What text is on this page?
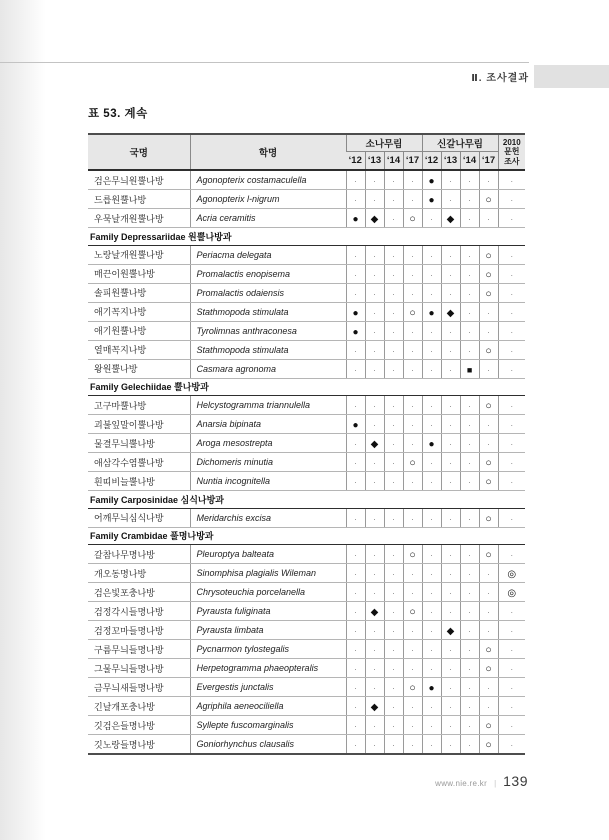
Ⅱ. 조사결과
표 53. 계속
국명	학명	소나무림				신갈나무림				2010
문헌
조사
		‘12	‘13	‘14	‘17	‘12	‘13	‘14	‘17	
검은무늬원뿔나방	Agonopterix costamaculella	·	·	·	·	●	·	·	·	·
드릅원뿔나방	Agonopterix l-nigrum	·	·	·	·	●	·	·	○	·
우묵날개원뿔나방	Acria ceramitis	●	◆	·	○	·	◆	·	·	·
Family Depressariidae 원뿔나방과										
노랑날개원뿔나방	Periacma delegata	·	·	·	·	·	·	·	○	·
매끈이원뿔나방	Promalactis enopisema	·	·	·	·	·	·	·	○	·
솔피원뿔나방	Promalactis odaiensis	·	·	·	·	·	·	·	○	·
애기꼭지나방	Stathmopoda stimulata	●	·	·	○	●	◆	·	·	·
애기원뿔나방	Tyrolimnas anthraconesa	●	·	·	·	·	·	·	·	·
열매꼭지나방	Stathmopoda stimulata	·	·	·	·	·	·	·	○	·
왕원뿔나방	Casmara agronoma	·	·	·	·	·	·	■	·	·
Family Gelechiidae 뿔나방과										
고구마뿔나방	Helcystogramma triannulella	·	·	·	·	·	·	·	○	·
괴불잎말이뿔나방	Anarsia bipinata	●	·	·	·	·	·	·	·	·
물결무늬뿔나방	Aroga mesostrepta	·	◆	·	·	●	·	·	·	·
애삼각수염뿔나방	Dichomeris minutia	·	·	·	○	·	·	·	○	·
흰띠비늘뿔나방	Nuntia incognitella	·	·	·	·	·	·	·	○	·
Family Carposinidae 심식나방과										
어깨무늬심식나방	Meridarchis excisa	·	·	·	·	·	·	·	○	·
Family Crambidae 풀명나방과										
갈참나무명나방	Pleuroptya balteata	·	·	·	○	·	·	·	○	·
개오동명나방	Sinomphisa plagialis Wileman	·	·	·	·	·	·	·	·	◎
검은빛포충나방	Chrysoteuchia porcelanella	·	·	·	·	·	·	·	·	◎
검정각시들명나방	Pyrausta fuliginata	·	◆	·	○	·	·	·	·	·
검정꼬마들명나방	Pyrausta limbata	·	·	·	·	·	◆	·	·	·
구름무늬들명나방	Pycnarmon tylostegalis	·	·	·	·	·	·	·	○	·
그물무늬들명나방	Herpetogramma phaeopteralis	·	·	·	·	·	·	·	○	·
금무늬새들명나방	Evergestis junctalis	·	·	·	○	●	·	·	·	·
긴날개포충나방	Agriphila aeneociliella	·	◆	·	·	·	·	·	·	·
깃검은들명나방	Syllepte fuscomarginalis	·	·	·	·	·	·	·	○	·
깃노랑들명나방	Goniorhynchus clausalis	·	·	·	·	·	·	·	○	·
www.nie.re.kr | 139
